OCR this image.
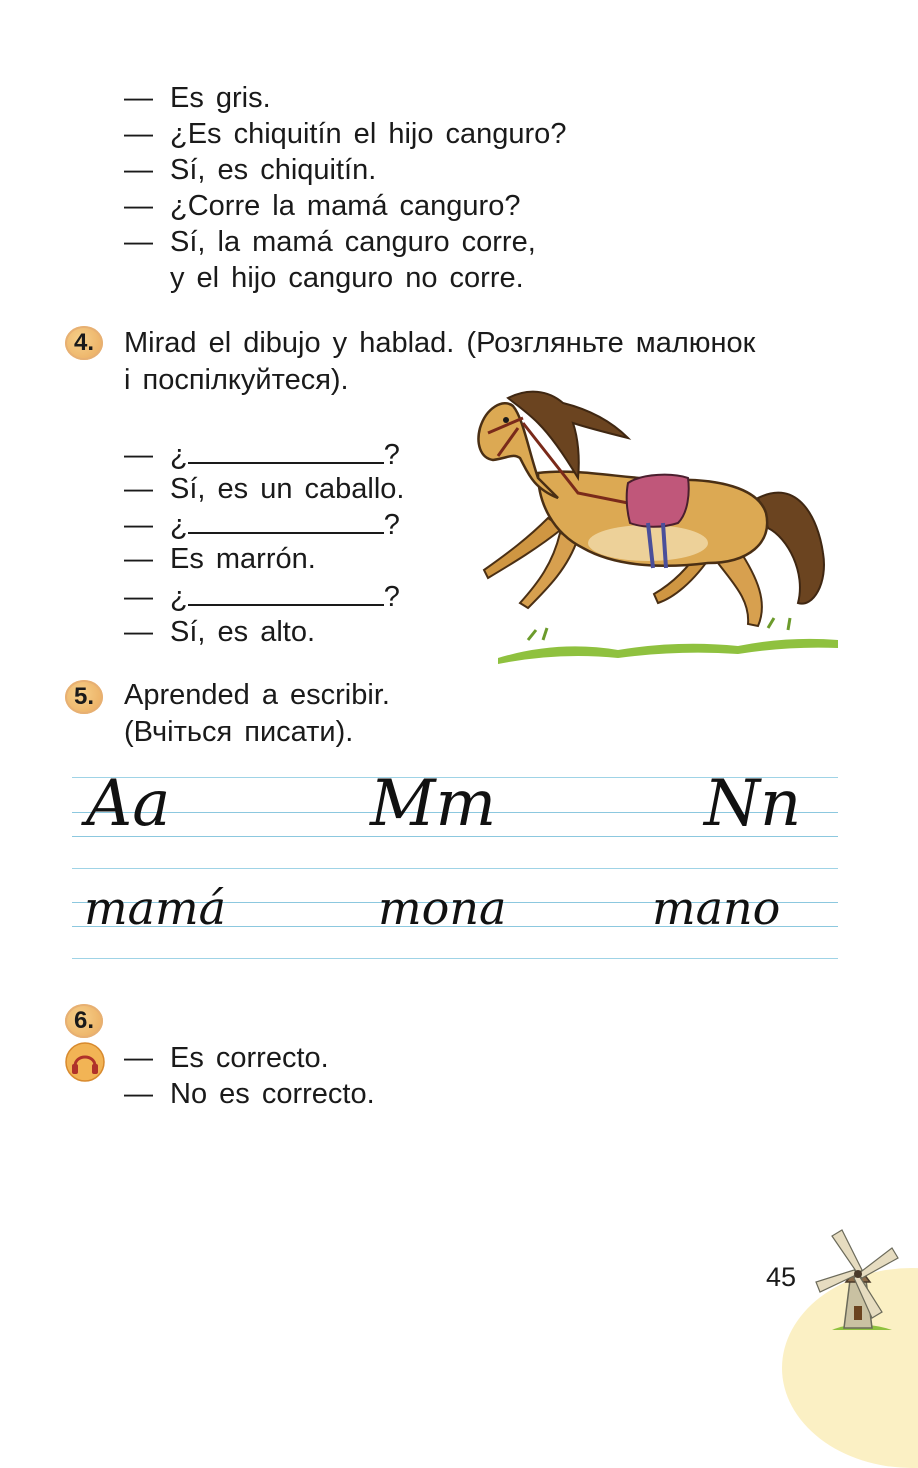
— Es gris.
— ¿Es chiquitín el hijo canguro?
— Sí, es chiquitín.
— ¿Corre la mamá canguro?
— Sí, la mamá canguro corre,
y el hijo canguro no corre.
4.	Mirad el dibujo y hablad. (Розгляньте малюнок
і поспілкуйтеся).
— ¿	?
— Sí, es un caballo.
— ¿	?
— Es marrón.
— ¿	?
— Sí, es alto.
5.	Aprended a escribir.
(Вчіться писати).
Aa	Mm	Nn
mamá	mona	mano
6.
— Es correcto.
— No es correcto.
45
